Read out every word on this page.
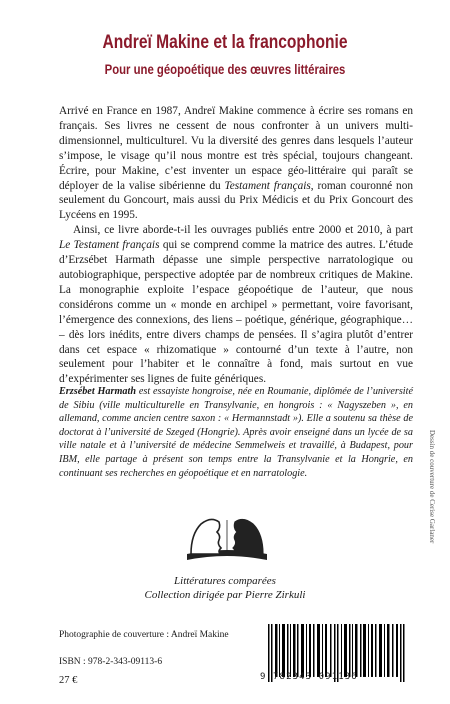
Andreï Makine et la francophonie
Pour une géopoétique des œuvres littéraires

Arrivé en France en 1987, Andreï Makine commence à écrire ses romans en français. Ses livres ne cessent de nous confronter à un univers multi-dimensionnel, multiculturel. Vu la diversité des genres dans lesquels l’auteur s’impose, le visage qu’il nous montre est très spécial, toujours changeant. Écrire, pour Makine, c’est inventer un espace géo-littéraire qui paraît se déployer de la valise sibérienne du Testament français, roman couronné non seulement du Goncourt, mais aussi du Prix Médicis et du Prix Goncourt des Lycéens en 1995.

Ainsi, ce livre aborde-t-il les ouvrages publiés entre 2000 et 2010, à part Le Testament français qui se comprend comme la matrice des autres. L’étude d’Erzsébet Harmath dépasse une simple perspective narratologique ou autobiographique, perspective adoptée par de nombreux critiques de Makine. La monographie exploite l’espace géopoétique de l’auteur, que nous considérons comme un « monde en archipel » permettant, voire favorisant, l’émergence des connexions, des liens – poétique, générique, géographique… – dès lors inédits, entre divers champs de pensées. Il s’agira plutôt d’entrer dans cet espace « rhizomatique » contourné d’un texte à l’autre, non seulement pour l’habiter et le connaître à fond, mais surtout en vue d’expérimenter ses lignes de fuite génériques.

Erzsébet Harmath est essayiste hongroise, née en Roumanie, diplômée de l’université de Sibiu (ville multiculturelle en Transylvanie, en hongrois : « Nagyszeben », en allemand, comme ancien centre saxon : « Hermannstadt »). Elle a soutenu sa thèse de doctorat à l’université de Szeged (Hongrie). Après avoir enseigné dans un lycée de sa ville natale et à l’université de médecine Semmelweis et travaillé, à Budapest, pour IBM, elle partage à présent son temps entre la Transylvanie et la Hongrie, en continuant ses recherches en géopoétique et en narratologie.

Littératures comparées
Collection dirigée par Pierre Zirkuli
Dessin de couverture de Cerise Garlaner
Photographie de couverture : Andreï Makine
ISBN : 978-2-343-09113-6
27 €	9 782343 091136
